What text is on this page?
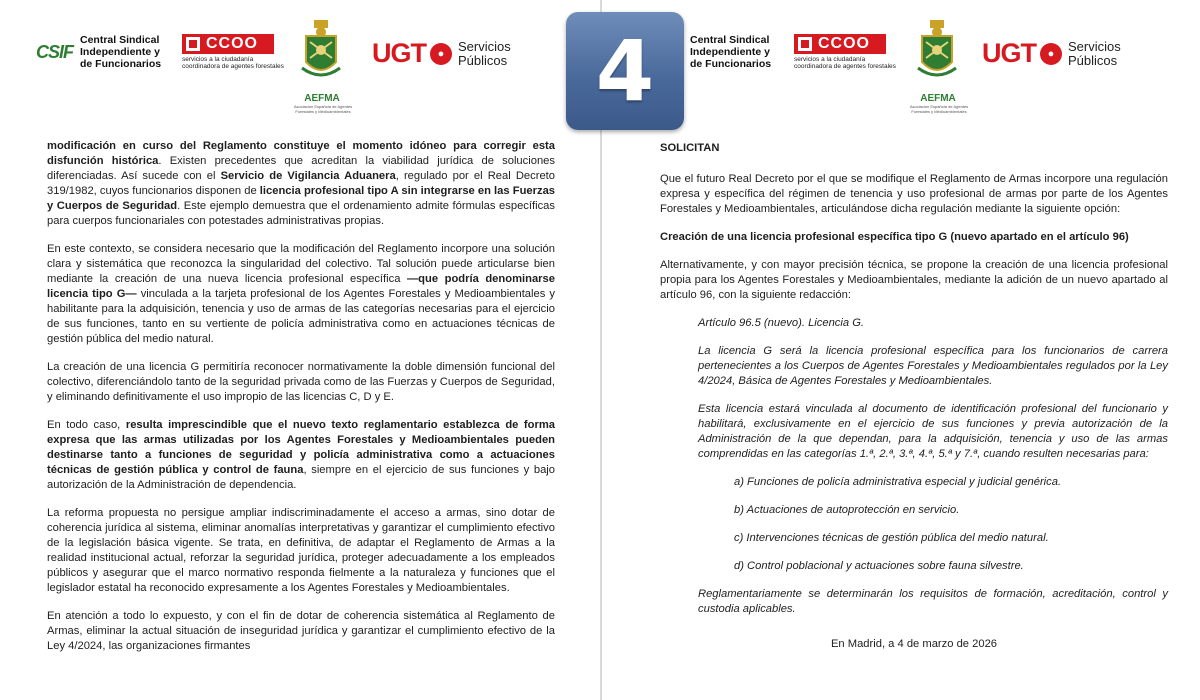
CSIF
Central Sindical
Independiente y
de Funcionarios
CCOO
servicios a la ciudadanía
coordinadora de agentes forestales
AEFMA
Asociación Española de Agentes Forestales y Medioambientales
UGT	●	Servicios
Públicos

modificación en curso del Reglamento constituye el momento idóneo para corregir esta disfunción histórica. Existen precedentes que acreditan la viabilidad jurídica de soluciones diferenciadas. Así sucede con el Servicio de Vigilancia Aduanera, regulado por el Real Decreto 319/1982, cuyos funcionarios disponen de licencia profesional tipo A sin integrarse en las Fuerzas y Cuerpos de Seguridad. Este ejemplo demuestra que el ordenamiento admite fórmulas específicas para cuerpos funcionariales con potestades administrativas propias.

En este contexto, se considera necesario que la modificación del Reglamento incorpore una solución clara y sistemática que reconozca la singularidad del colectivo. Tal solución puede articularse bien mediante la creación de una nueva licencia profesional específica —que podría denominarse licencia tipo G— vinculada a la tarjeta profesional de los Agentes Forestales y Medioambientales y habilitante para la adquisición, tenencia y uso de armas de las categorías necesarias para el ejercicio de sus funciones, tanto en su vertiente de policía administrativa como en actuaciones técnicas de gestión pública del medio natural.

La creación de una licencia G permitiría reconocer normativamente la doble dimensión funcional del colectivo, diferenciándolo tanto de la seguridad privada como de las Fuerzas y Cuerpos de Seguridad, y eliminando definitivamente el uso impropio de las licencias C, D y E.

En todo caso, resulta imprescindible que el nuevo texto reglamentario establezca de forma expresa que las armas utilizadas por los Agentes Forestales y Medioambientales pueden destinarse tanto a funciones de seguridad y policía administrativa como a actuaciones técnicas de gestión pública y control de fauna, siempre en el ejercicio de sus funciones y bajo autorización de la Administración de dependencia.

La reforma propuesta no persigue ampliar indiscriminadamente el acceso a armas, sino dotar de coherencia jurídica al sistema, eliminar anomalías interpretativas y garantizar el cumplimiento efectivo de la legislación básica vigente. Se trata, en definitiva, de adaptar el Reglamento de Armas a la realidad institucional actual, reforzar la seguridad jurídica, proteger adecuadamente a los empleados públicos y asegurar que el marco normativo responda fielmente a la naturaleza y funciones que el legislador estatal ha reconocido expresamente a los Agentes Forestales y Medioambientales.

En atención a todo lo expuesto, y con el fin de dotar de coherencia sistemática al Reglamento de Armas, eliminar la actual situación de inseguridad jurídica y garantizar el cumplimiento efectivo de la Ley 4/2024, las organizaciones firmantes

Central Sindical
Independiente y
de Funcionarios
CCOO
servicios a la ciudadanía
coordinadora de agentes forestales
AEFMA
Asociación Española de Agentes Forestales y Medioambientales
UGT	●	Servicios
Públicos

SOLICITAN

Que el futuro Real Decreto por el que se modifique el Reglamento de Armas incorpore una regulación expresa y específica del régimen de tenencia y uso profesional de armas por parte de los Agentes Forestales y Medioambientales, articulándose dicha regulación mediante la siguiente opción:

Creación de una licencia profesional específica tipo G (nuevo apartado en el artículo 96)

Alternativamente, y con mayor precisión técnica, se propone la creación de una licencia profesional propia para los Agentes Forestales y Medioambientales, mediante la adición de un nuevo apartado al artículo 96, con la siguiente redacción:

Artículo 96.5 (nuevo). Licencia G.

La licencia G será la licencia profesional específica para los funcionarios de carrera pertenecientes a los Cuerpos de Agentes Forestales y Medioambientales regulados por la Ley 4/2024, Básica de Agentes Forestales y Medioambientales.

Esta licencia estará vinculada al documento de identificación profesional del funcionario y habilitará, exclusivamente en el ejercicio de sus funciones y previa autorización de la Administración de la que dependan, para la adquisición, tenencia y uso de las armas comprendidas en las categorías 1.ª, 2.ª, 3.ª, 4.ª, 5.ª y 7.ª, cuando resulten necesarias para:

a) Funciones de policía administrativa especial y judicial genérica.

b) Actuaciones de autoprotección en servicio.

c) Intervenciones técnicas de gestión pública del medio natural.

d) Control poblacional y actuaciones sobre fauna silvestre.

Reglamentariamente se determinarán los requisitos de formación, acreditación, control y custodia aplicables.

En Madrid, a 4 de marzo de 2026

4
